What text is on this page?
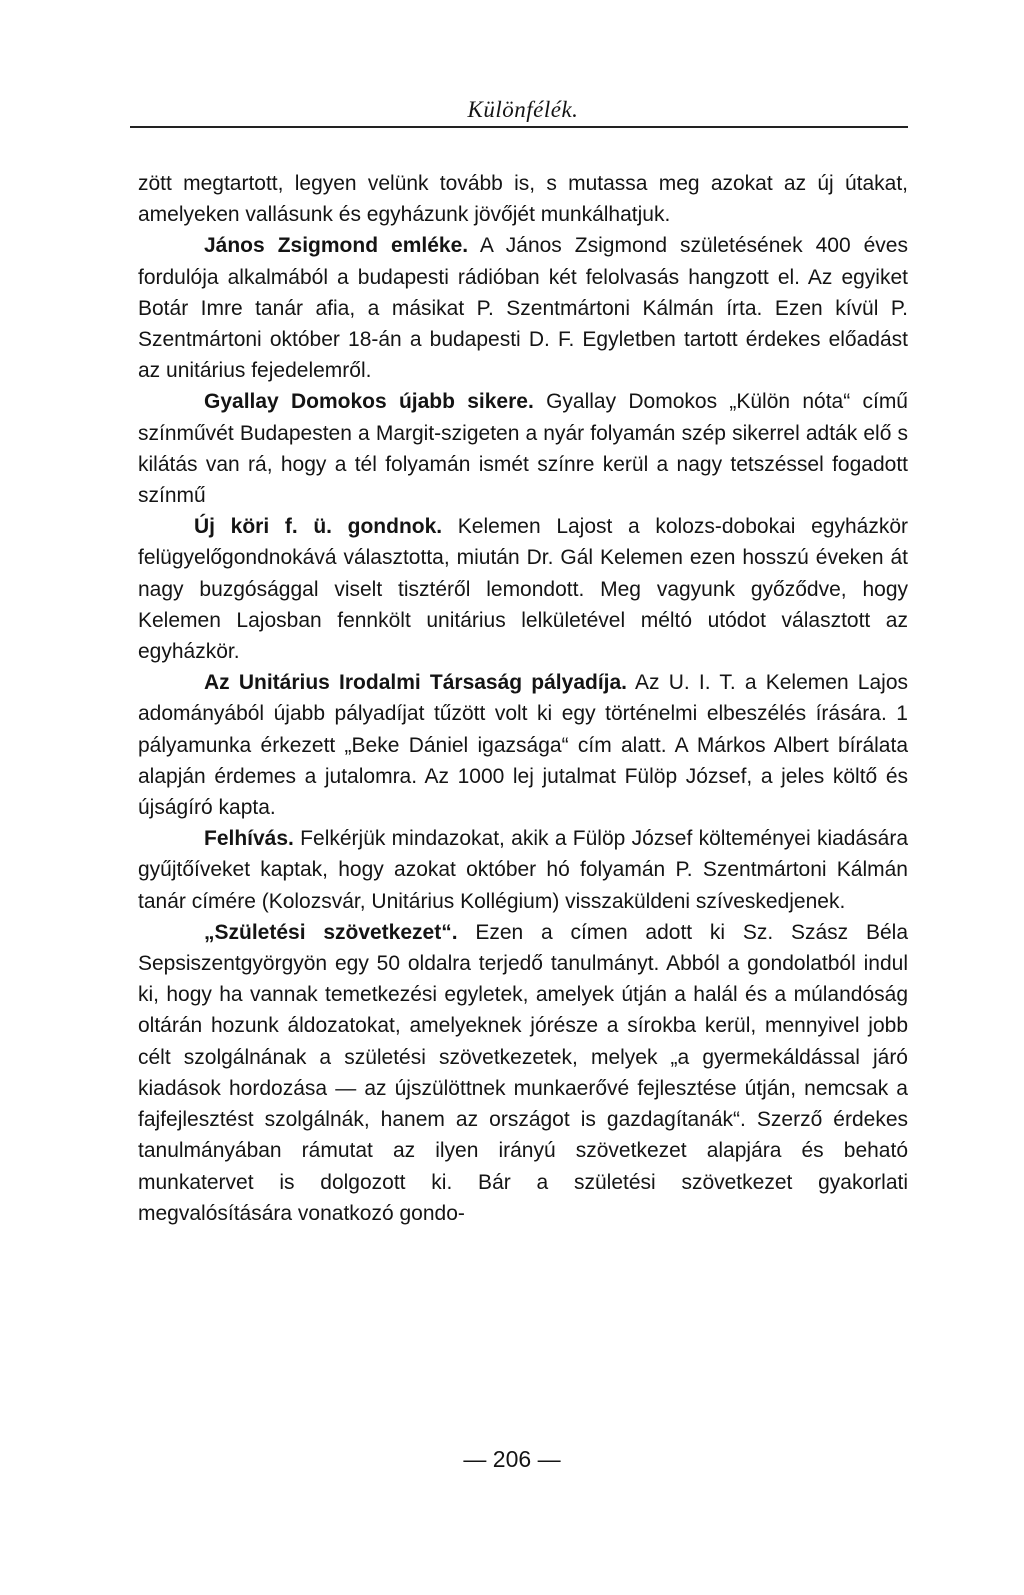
Különfélék.

zött megtartott, legyen velünk tovább is, s mutassa meg azokat az új útakat, amelyeken vallásunk és egyházunk jövőjét munkálhatjuk.

János Zsigmond emléke. A János Zsigmond születésének 400 éves fordulója alkalmából a budapesti rádióban két felolvasás hangzott el. Az egyiket Botár Imre tanár afia, a másikat P. Szentmártoni Kálmán írta. Ezen kívül P. Szentmártoni október 18-án a budapesti D. F. Egyletben tartott érdekes előadást az unitárius fejedelemről.

Gyallay Domokos újabb sikere. Gyallay Domokos „Külön nóta“ című színművét Budapesten a Margit-szigeten a nyár folyamán szép sikerrel adták elő s kilátás van rá, hogy a tél folyamán ismét színre kerül a nagy tetszéssel fogadott színmű

Új köri f. ü. gondnok. Kelemen Lajost a kolozs-dobokai egyházkör felügyelőgondnokává választotta, miután Dr. Gál Kelemen ezen hosszú éveken át nagy buzgósággal viselt tisztéről lemondott. Meg vagyunk győződve, hogy Kelemen Lajosban fennkölt unitárius lelkületével méltó utódot választott az egyházkör.

Az Unitárius Irodalmi Társaság pályadíja. Az U. I. T. a Kelemen Lajos adományából újabb pályadíjat tűzött volt ki egy történelmi elbeszélés írására. 1 pályamunka érkezett „Beke Dániel igazsága“ cím alatt. A Márkos Albert bírálata alapján érdemes a jutalomra. Az 1000 lej jutalmat Fülöp József, a jeles költő és újságíró kapta.

Felhívás. Felkérjük mindazokat, akik a Fülöp József költeményei kiadására gyűjtőíveket kaptak, hogy azokat október hó folyamán P. Szentmártoni Kálmán tanár címére (Kolozsvár, Unitárius Kollégium) visszaküldeni szíveskedjenek.

„Születési szövetkezet“. Ezen a címen adott ki Sz. Szász Béla Sepsiszentgyörgyön egy 50 oldalra terjedő tanulmányt. Abból a gondolatból indul ki, hogy ha vannak temetkezési egyletek, amelyek útján a halál és a múlandóság oltárán hozunk áldozatokat, amelyeknek jórésze a sírokba kerül, mennyivel jobb célt szolgálnának a születési szövetkezetek, melyek „a gyermekáldással járó kiadások hordozása — az újszülöttnek munkaerővé fejlesztése útján, nemcsak a fajfejlesztést szolgálnák, hanem az országot is gazdagítanák“. Szerző érdekes tanulmányában rámutat az ilyen irányú szövetkezet alapjára és beható munkatervet is dolgozott ki. Bár a születési szövetkezet gyakorlati megvalósítására vonatkozó gondo-

— 206 —
